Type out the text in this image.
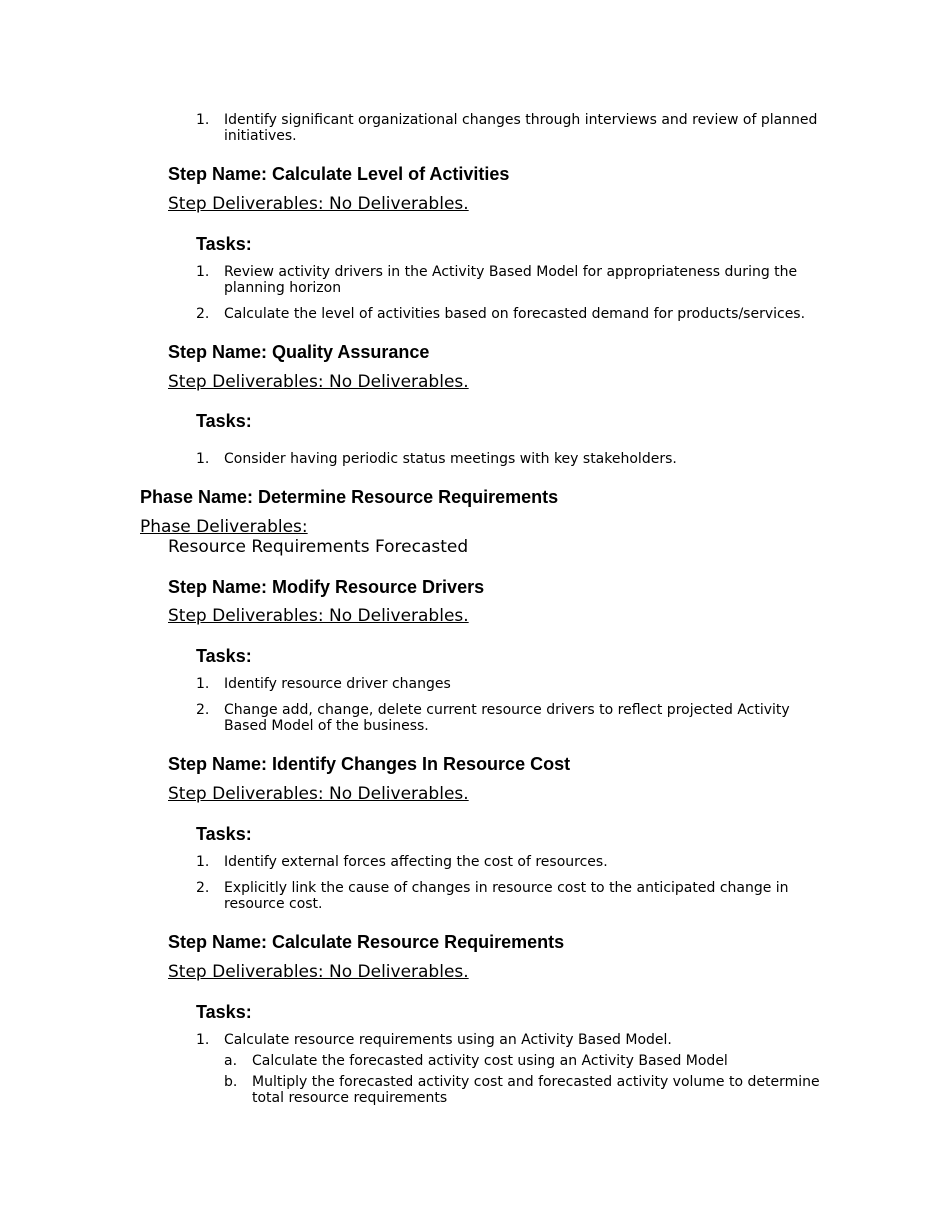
1. Identify significant organizational changes through interviews and review of planned
initiatives.
Step Name: Calculate Level of Activities
Step Deliverables: No Deliverables.
Tasks:
1. Review activity drivers in the Activity Based Model for appropriateness during the
planning horizon
2. Calculate the level of activities based on forecasted demand for products/services.
Step Name: Quality Assurance
Step Deliverables: No Deliverables.
Tasks:
1. Consider having periodic status meetings with key stakeholders.
Phase Name: Determine Resource Requirements
Phase Deliverables:
Resource Requirements Forecasted
Step Name: Modify Resource Drivers
Step Deliverables: No Deliverables.
Tasks:
1. Identify resource driver changes
2. Change add, change, delete current resource drivers to reflect projected Activity
Based Model of the business.
Step Name: Identify Changes In Resource Cost
Step Deliverables: No Deliverables.
Tasks:
1. Identify external forces affecting the cost of resources.
2. Explicitly link the cause of changes in resource cost to the anticipated change in
resource cost.
Step Name: Calculate Resource Requirements
Step Deliverables: No Deliverables.
Tasks:
1. Calculate resource requirements using an Activity Based Model.
a. Calculate the forecasted activity cost using an Activity Based Model
b. Multiply the forecasted activity cost and forecasted activity volume to determine
total resource requirements
